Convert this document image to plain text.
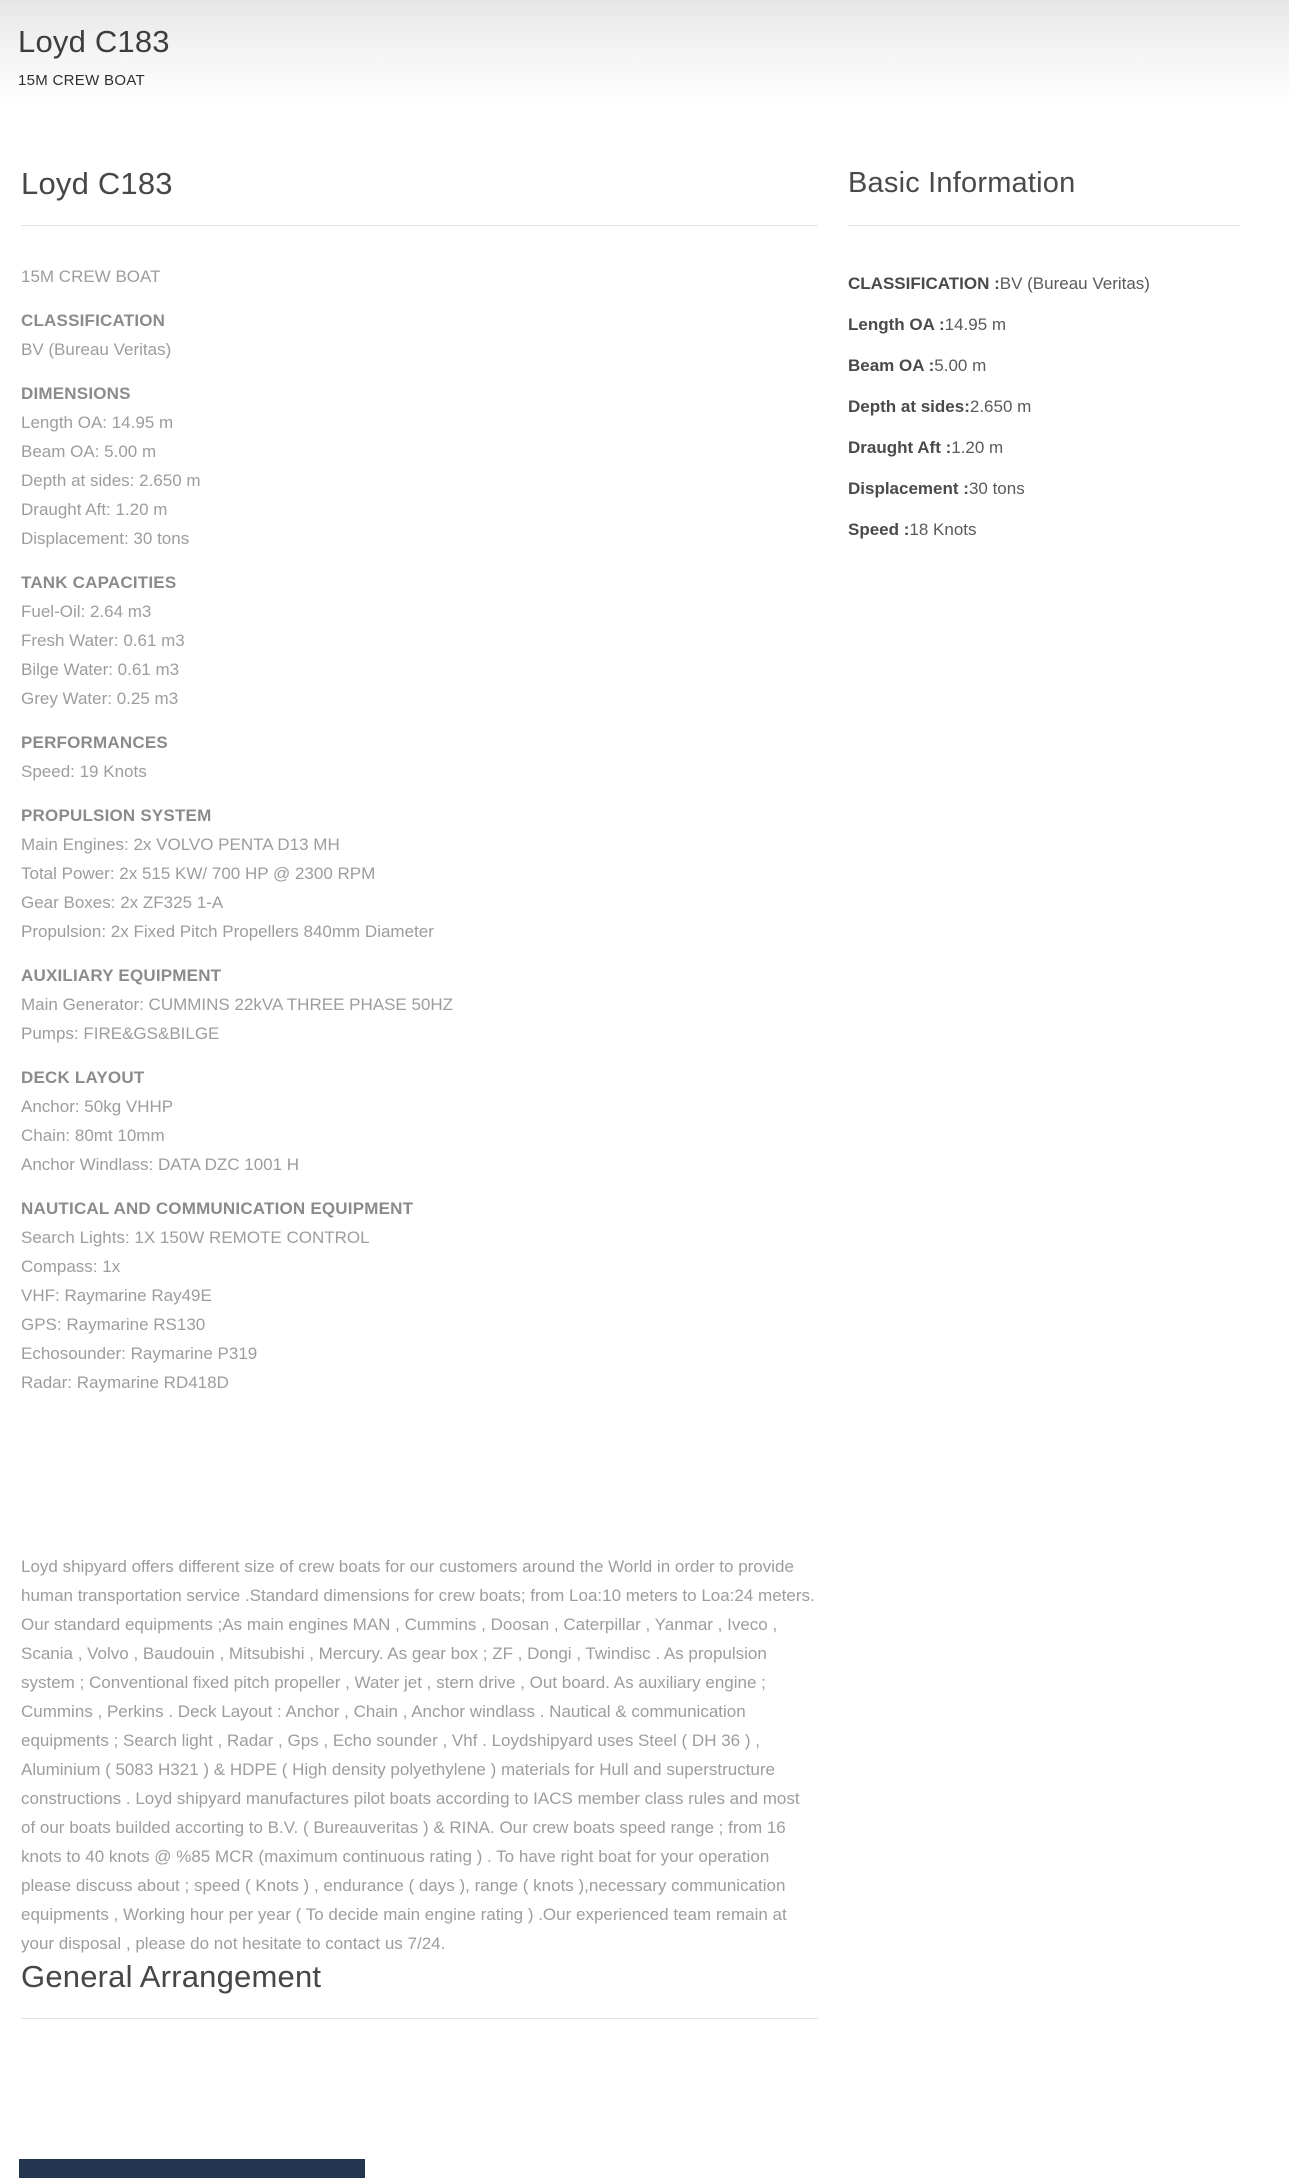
Loyd C183
15M CREW BOAT
Loyd C183
15M CREW BOAT
CLASSIFICATION
BV (Bureau Veritas)
DIMENSIONS
Length OA: 14.95 m
Beam OA: 5.00 m
Depth at sides: 2.650 m
Draught Aft: 1.20 m
Displacement: 30 tons
TANK CAPACITIES
Fuel-Oil: 2.64 m3
Fresh Water: 0.61 m3
Bilge Water: 0.61 m3
Grey Water: 0.25 m3
PERFORMANCES
Speed: 19 Knots
PROPULSION SYSTEM
Main Engines: 2x VOLVO PENTA D13 MH
Total Power: 2x 515 KW/ 700 HP @ 2300 RPM
Gear Boxes: 2x ZF325 1-A
Propulsion: 2x Fixed Pitch Propellers 840mm Diameter
AUXILIARY EQUIPMENT
Main Generator: CUMMINS 22kVA THREE PHASE 50HZ
Pumps: FIRE&GS&BILGE
DECK LAYOUT
Anchor: 50kg VHHP
Chain: 80mt 10mm
Anchor Windlass: DATA DZC 1001 H
NAUTICAL AND COMMUNICATION EQUIPMENT
Search Lights: 1X 150W REMOTE CONTROL
Compass: 1x
VHF: Raymarine Ray49E
GPS: Raymarine RS130
Echosounder: Raymarine P319
Radar: Raymarine RD418D

Loyd shipyard offers different size of crew boats for our customers around the World in order to provide human transportation service .Standard dimensions for crew boats; from Loa:10 meters to Loa:24 meters. Our standard equipments ;As main engines MAN , Cummins , Doosan , Caterpillar , Yanmar , Iveco , Scania , Volvo , Baudouin , Mitsubishi , Mercury. As gear box ; ZF , Dongi , Twindisc . As propulsion system ; Conventional fixed pitch propeller , Water jet , stern drive , Out board. As auxiliary engine ; Cummins , Perkins . Deck Layout : Anchor , Chain , Anchor windlass . Nautical & communication equipments ; Search light , Radar , Gps , Echo sounder , Vhf . Loydshipyard uses Steel ( DH 36 ) , Aluminium ( 5083 H321 ) & HDPE ( High density polyethylene ) materials for Hull and superstructure constructions . Loyd shipyard manufactures pilot boats according to IACS member class rules and most of our boats builded accorting to B.V. ( Bureauveritas ) & RINA. Our crew boats speed range ; from 16 knots to 40 knots @ %85 MCR (maximum continuous rating ) . To have right boat for your operation please discuss about ; speed ( Knots ) , endurance ( days ), range ( knots ),necessary communication equipments , Working hour per year ( To decide main engine rating ) .Our experienced team remain at your disposal , please do not hesitate to contact us 7/24.

General Arrangement
Basic Information
CLASSIFICATION :BV (Bureau Veritas)
Length OA :14.95 m
Beam OA :5.00 m
Depth at sides:2.650 m
Draught Aft :1.20 m
Displacement :30 tons
Speed :18 Knots
